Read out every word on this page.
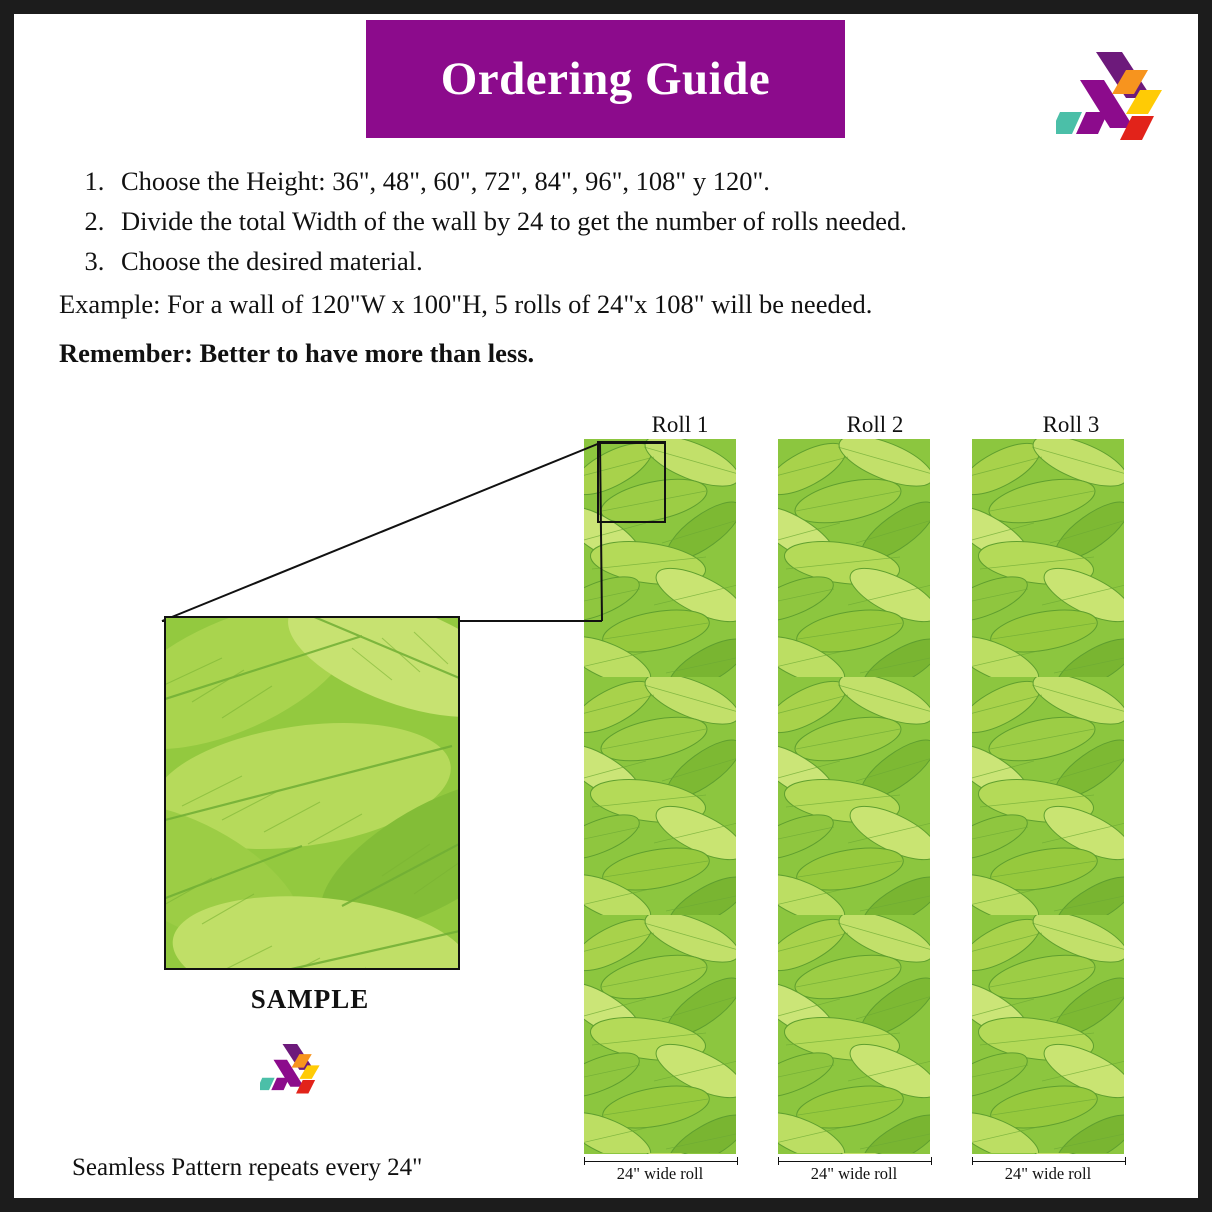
Ordering Guide
1. Choose the Height: 36", 48", 60", 72", 84", 96", 108" y 120".
2. Divide the total Width of the wall by 24 to get the number of rolls needed.
3. Choose the desired material.
Example: For a wall of 120"W x 100"H, 5 rolls of 24"x 108" will be needed.
Remember: Better to have more than less.
Roll 1	Roll 2	Roll 3
24" wide roll	24" wide roll	24" wide roll
SAMPLE
Seamless Pattern repeats every 24"
